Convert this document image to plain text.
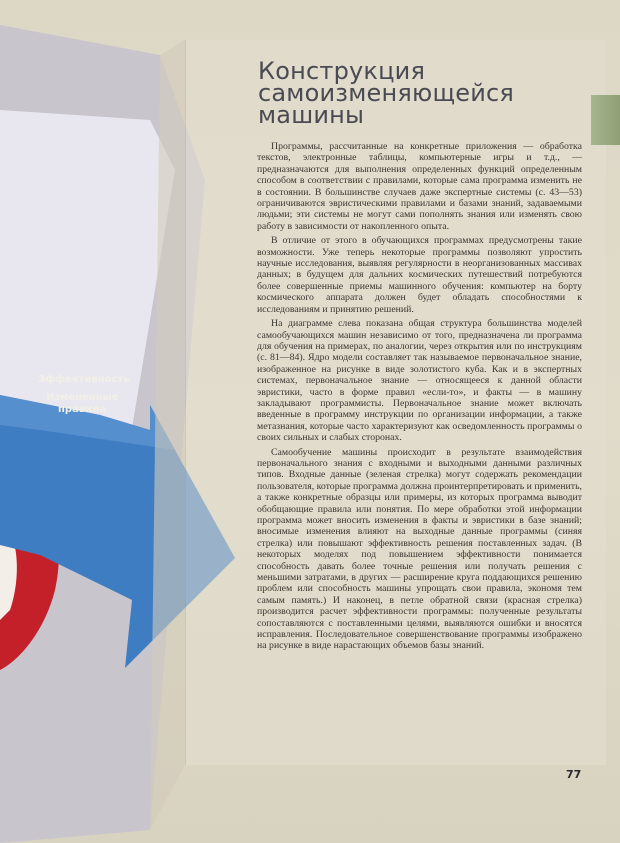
Конструкция
самоизменяющейся
машины

Программы, рассчитанные на конкретные приложения — обработка текстов, электронные таблицы, компьютерные игры и т.д., — предназначаются для выполнения определенных функций определенным способом в соответствии с правилами, которые сама программа изменить не в состоянии. В большинстве случаев даже экспертные системы (с. 43—53) ограничиваются эвристическими правилами и базами знаний, задаваемыми людьми; эти системы не могут сами пополнять знания или изменять свою работу в зависимости от накопленного опыта.

В отличие от этого в обучающихся программах предусмотрены такие возможности. Уже теперь некоторые программы позволяют упростить научные исследования, выявляя регулярности в неорганизованных массивах данных; в будущем для дальних космических путешествий потребуются более совершенные приемы машинного обучения: компьютер на борту космического аппарата должен будет обладать способностями к исследованиям и принятию решений.

На диаграмме слева показана общая структура большинства моделей самообучающихся машин независимо от того, предназначена ли программа для обучения на примерах, по аналогии, через открытия или по инструкциям (с. 81—84). Ядро модели составляет так называемое первоначальное знание, изображенное на рисунке в виде золотистого куба. Как и в экспертных системах, первоначальное знание — относящееся к данной области эвристики, часто в форме правил «если-то», и факты — в машину закладывают программисты. Первоначальное знание может включать введенные в программу инструкции по организации информации, а также метазнания, которые часто характеризуют как осведомленность программы о своих сильных и слабых сторонах.

Самообучение машины происходит в результате взаимодействия первоначального знания с входными и выходными данными различных типов. Входные данные (зеленая стрелка) могут содержать рекомендации пользователя, которые программа должна проинтерпретировать и применить, а также конкретные образцы или примеры, из которых программа выводит обобщающие правила или понятия. По мере обработки этой информации программа может вносить изменения в факты и эвристики в базе знаний; вносимые изменения влияют на выходные данные программы (синяя стрелка) или повышают эффективность решения поставленных задач. (В некоторых моделях под повышением эффективности понимается способность давать более точные решения или получать решения с меньшими затратами, в других — расширение круга поддающихся решению проблем или способность машины упрощать свои правила, экономя тем самым память.) И наконец, в петле обратной связи (красная стрелка) производится расчет эффективности программы: полученные результаты сопоставляются с поставленными целями, выявляются ошибки и вносятся исправления. Последовательное совершенствование программы изображено на рисунке в виде нарастающих объемов базы знаний.

Эффективность
Измененные
правила
77
